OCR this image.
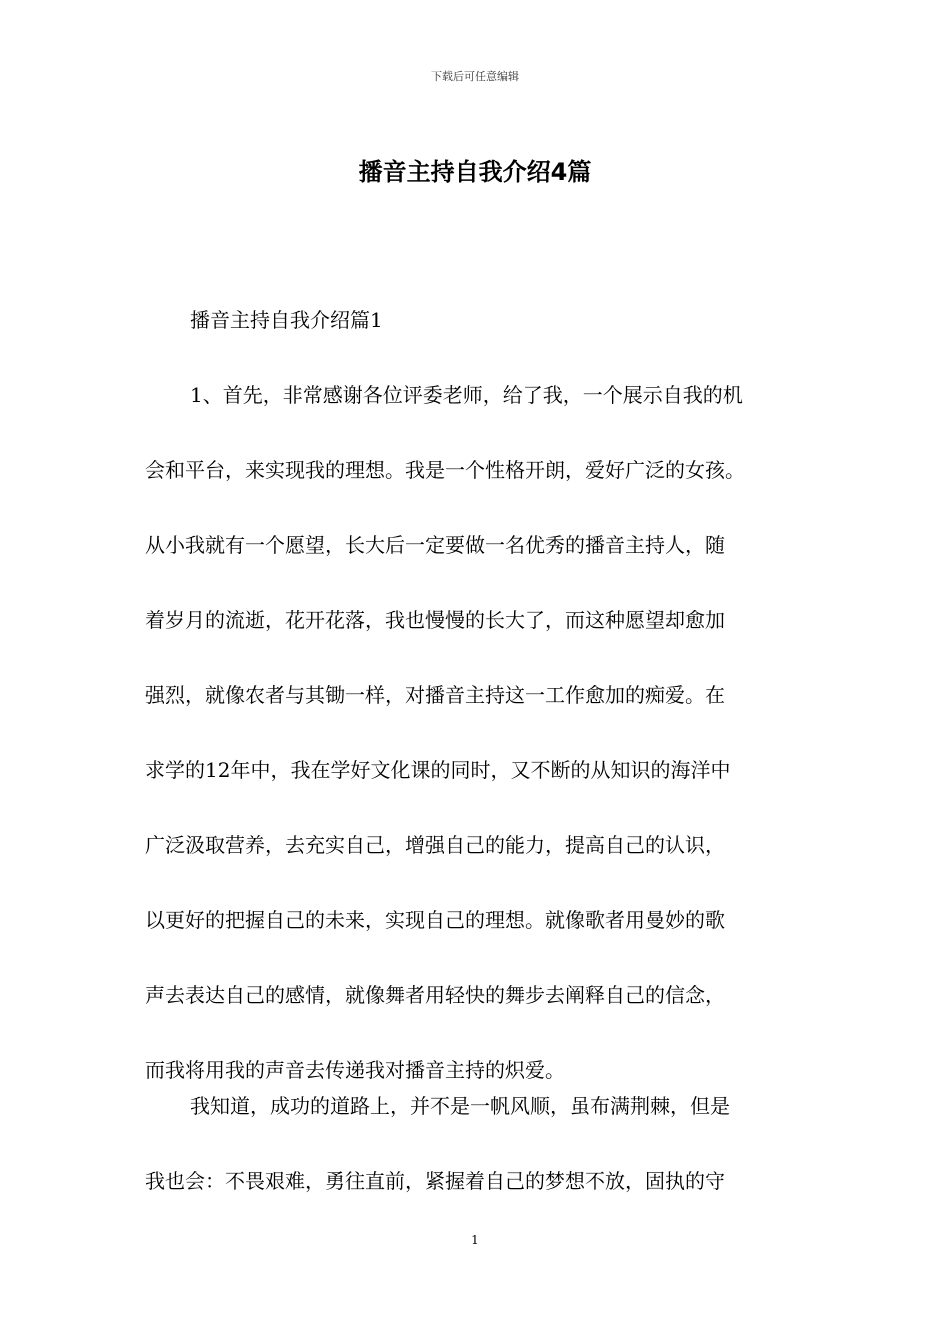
下载后可任意编辑
播音主持自我介绍4篇
播音主持自我介绍篇1
1、首先，非常感谢各位评委老师，给了我，一个展示自我的机
会和平台，来实现我的理想。我是一个性格开朗，爱好广泛的女孩。
从小我就有一个愿望，长大后一定要做一名优秀的播音主持人，随
着岁月的流逝，花开花落，我也慢慢的长大了，而这种愿望却愈加
强烈，就像农者与其锄一样，对播音主持这一工作愈加的痴爱。在
求学的12年中，我在学好文化课的同时，又不断的从知识的海洋中
广泛汲取营养，去充实自己，增强自己的能力，提高自己的认识，
以更好的把握自己的未来，实现自己的理想。就像歌者用曼妙的歌
声去表达自己的感情，就像舞者用轻快的舞步去阐释自己的信念，
而我将用我的声音去传递我对播音主持的炽爱。
我知道，成功的道路上，并不是一帆风顺，虽布满荆棘，但是
我也会：不畏艰难，勇往直前，紧握着自己的梦想不放，固执的守
1
